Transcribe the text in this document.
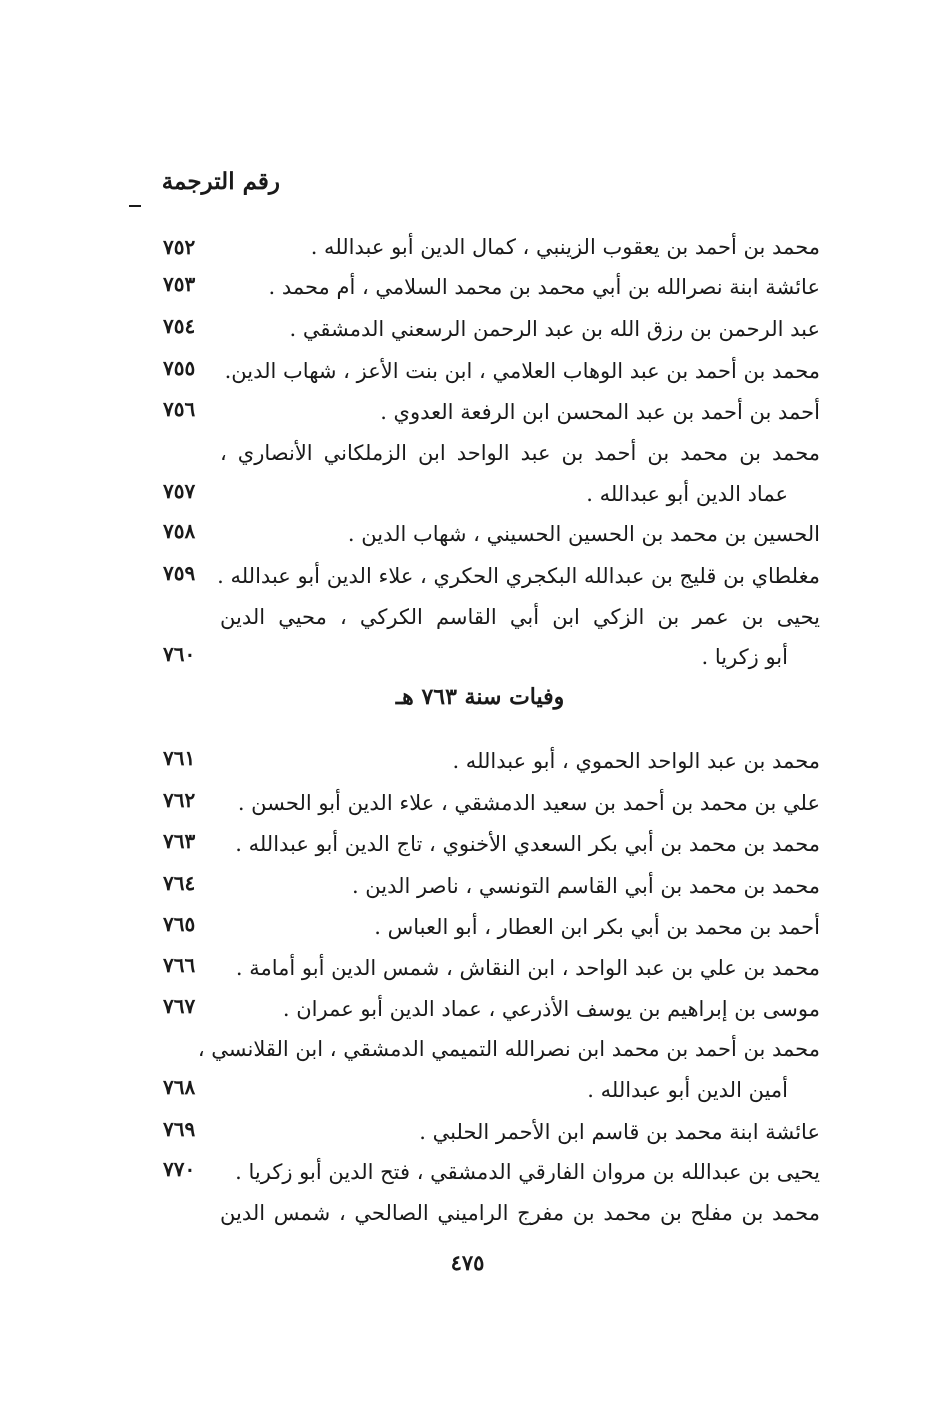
رقم الترجمة
محمد بن أحمد بن يعقوب الزينبي ، كمال الدين أبو عبدالله .
٧٥٢
عائشة ابنة نصرالله بن أبي محمد بن محمد السلامي ، أم محمد .
٧٥٣
عبد الرحمن بن رزق الله بن عبد الرحمن الرسعني الدمشقي .
٧٥٤
محمد بن أحمد بن عبد الوهاب العلامي ، ابن بنت الأعز ، شهاب الدين.
٧٥٥
أحمد بن أحمد بن عبد المحسن ابن الرفعة العدوي .
٧٥٦
محمد بن محمد بن أحمد بن عبد الواحد ابن الزملكاني الأنصاري ،
عماد الدين أبو عبدالله .
٧٥٧
الحسين بن محمد بن الحسين الحسيني ، شهاب الدين .
٧٥٨
مغلطاي بن قليج بن عبدالله البكجري الحكري ، علاء الدين أبو عبدالله .
٧٥٩
يحيى بن عمر بن الزكي ابن أبي القاسم الكركي ، محيي الدين
أبو زكريا .
٧٦٠
وفيات سنة ٧٦٣ هـ
محمد بن عبد الواحد الحموي ، أبو عبدالله .
٧٦١
علي بن محمد بن أحمد بن سعيد الدمشقي ، علاء الدين أبو الحسن .
٧٦٢
محمد بن محمد بن أبي بكر السعدي الأخنوي ، تاج الدين أبو عبدالله .
٧٦٣
محمد بن محمد بن أبي القاسم التونسي ، ناصر الدين .
٧٦٤
أحمد بن محمد بن أبي بكر ابن العطار ، أبو العباس .
٧٦٥
محمد بن علي بن عبد الواحد ، ابن النقاش ، شمس الدين أبو أمامة .
٧٦٦
موسى بن إبراهيم بن يوسف الأذرعي ، عماد الدين أبو عمران .
٧٦٧
محمد بن أحمد بن محمد ابن نصرالله التميمي الدمشقي ، ابن القلانسي ،
أمين الدين أبو عبدالله .
٧٦٨
عائشة ابنة محمد بن قاسم ابن الأحمر الحلبي .
٧٦٩
يحيى بن عبدالله بن مروان الفارقي الدمشقي ، فتح الدين أبو زكريا .
٧٧٠
محمد بن مفلح بن محمد بن مفرج الراميني الصالحي ، شمس الدين
٤٧٥
